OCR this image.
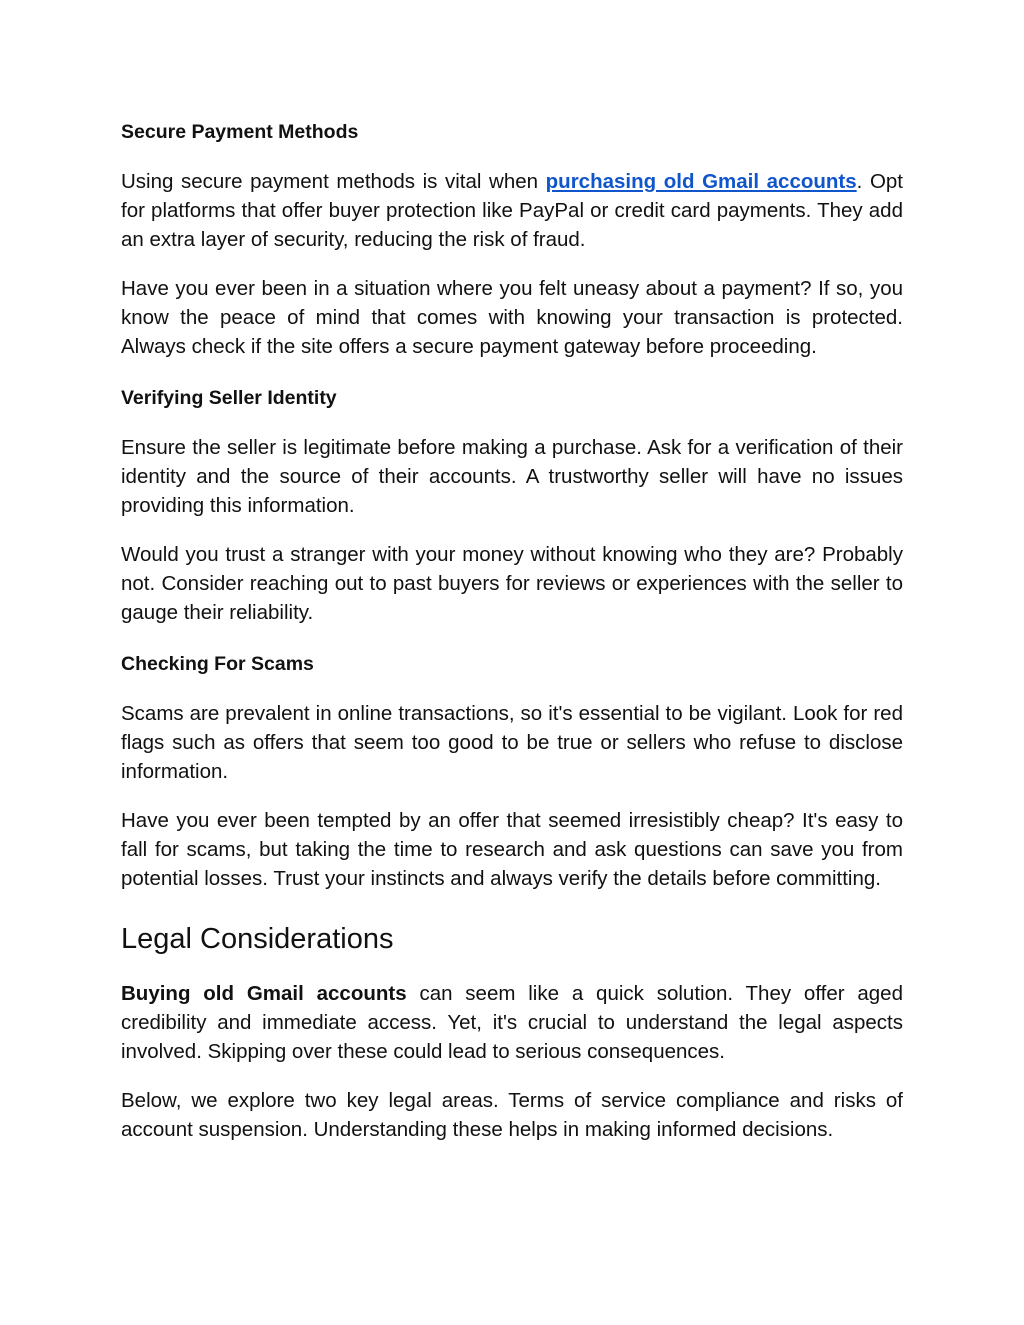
Secure Payment Methods

Using secure payment methods is vital when purchasing old Gmail accounts. Opt for platforms that offer buyer protection like PayPal or credit card payments. They add an extra layer of security, reducing the risk of fraud.

Have you ever been in a situation where you felt uneasy about a payment? If so, you know the peace of mind that comes with knowing your transaction is protected. Always check if the site offers a secure payment gateway before proceeding.

Verifying Seller Identity

Ensure the seller is legitimate before making a purchase. Ask for a verification of their identity and the source of their accounts. A trustworthy seller will have no issues providing this information.

Would you trust a stranger with your money without knowing who they are? Probably not. Consider reaching out to past buyers for reviews or experiences with the seller to gauge their reliability.

Checking For Scams

Scams are prevalent in online transactions, so it's essential to be vigilant. Look for red flags such as offers that seem too good to be true or sellers who refuse to disclose information.

Have you ever been tempted by an offer that seemed irresistibly cheap? It's easy to fall for scams, but taking the time to research and ask questions can save you from potential losses. Trust your instincts and always verify the details before committing.

Legal Considerations

Buying old Gmail accounts can seem like a quick solution. They offer aged credibility and immediate access. Yet, it's crucial to understand the legal aspects involved. Skipping over these could lead to serious consequences.

Below, we explore two key legal areas. Terms of service compliance and risks of account suspension. Understanding these helps in making informed decisions.
